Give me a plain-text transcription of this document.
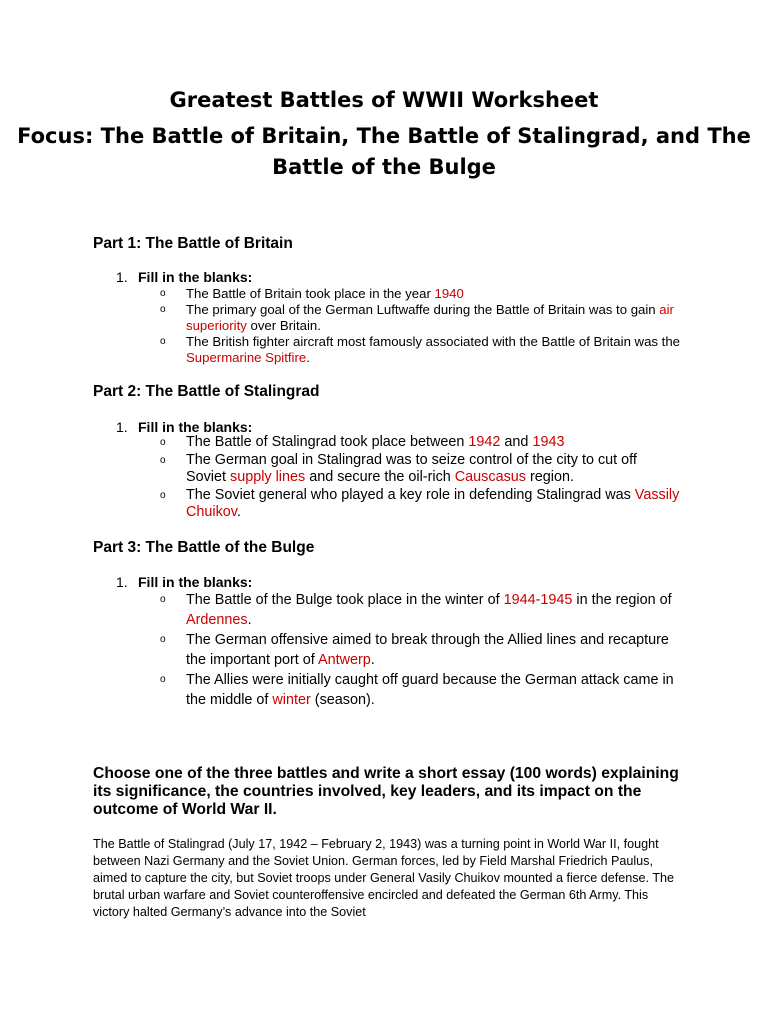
Greatest Battles of WWII Worksheet
Focus: The Battle of Britain, The Battle of Stalingrad, and The Battle of the Bulge
Part 1: The Battle of Britain

1. Fill in the blanks:

o The Battle of Britain took place in the year 1940
o The primary goal of the German Luftwaffe during the Battle of Britain was to gain air superiority over Britain.
o The British fighter aircraft most famously associated with the Battle of Britain was the Supermarine Spitfire.
Part 2: The Battle of Stalingrad

1. Fill in the blanks:

o The Battle of Stalingrad took place between 1942 and 1943
o The German goal in Stalingrad was to seize control of the city to cut off Soviet supply lines and secure the oil-rich Causcasus region.
o The Soviet general who played a key role in defending Stalingrad was Vassily Chuikov.
Part 3: The Battle of the Bulge

1. Fill in the blanks:

o The Battle of the Bulge took place in the winter of 1944-1945 in the region of Ardennes.
o The German offensive aimed to break through the Allied lines and recapture the important port of Antwerp.
o The Allies were initially caught off guard because the German attack came in the middle of winter (season).

Choose one of the three battles and write a short essay (100 words) explaining its significance, the countries involved, key leaders, and its impact on the outcome of World War II.

The Battle of Stalingrad (July 17, 1942 – February 2, 1943) was a turning point in World War II, fought between Nazi Germany and the Soviet Union. German forces, led by Field Marshal Friedrich Paulus, aimed to capture the city, but Soviet troops under General Vasily Chuikov mounted a fierce defense. The brutal urban warfare and Soviet counteroffensive encircled and defeated the German 6th Army. This victory halted Germany’s advance into the Soviet
